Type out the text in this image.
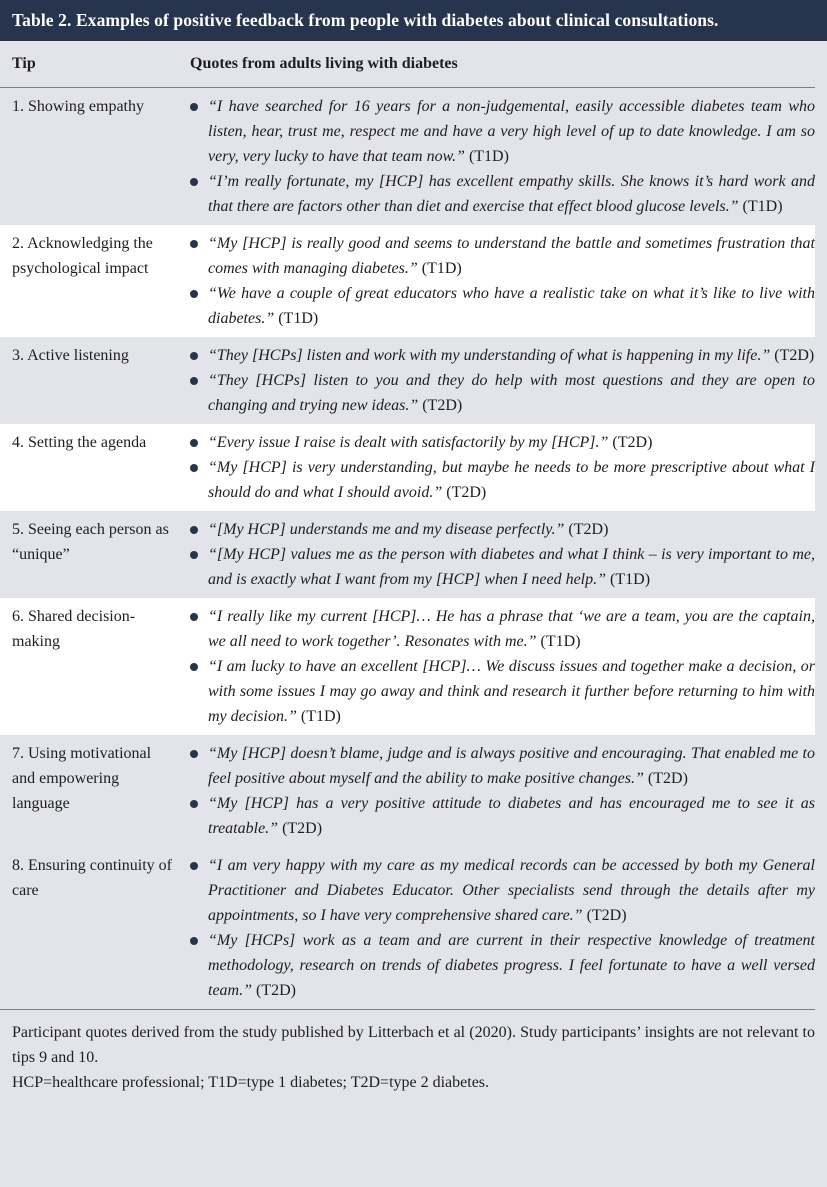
Table 2. Examples of positive feedback from people with diabetes about clinical consultations.
Tip	Quotes from adults living with diabetes
1. Showing empathy	“I have searched for 16 years for a non-judgemental, easily accessible diabetes team who listen, hear, trust me, respect me and have a very high level of up to date knowledge. I am so very, very lucky to have that team now.” (T1D)
“I’m really fortunate, my [HCP] has excellent empathy skills. She knows it’s hard work and that there are factors other than diet and exercise that effect blood glucose levels.” (T1D)
2. Acknowledging the psychological impact
“My [HCP] is really good and seems to understand the battle and sometimes frustration that comes with managing diabetes.” (T1D)
“We have a couple of great educators who have a realistic take on what it’s like to live with diabetes.” (T1D)
3. Active listening	“They [HCPs] listen and work with my understanding of what is happening in my life.” (T2D)
“They [HCPs] listen to you and they do help with most questions and they are open to changing and trying new ideas.” (T2D)
4. Setting the agenda	“Every issue I raise is dealt with satisfactorily by my [HCP].” (T2D)
“My [HCP] is very understanding, but maybe he needs to be more prescriptive about what I should do and what I should avoid.” (T2D)
5. Seeing each person as “unique”
“[My HCP] understands me and my disease perfectly.” (T2D)
“[My HCP] values me as the person with diabetes and what I think – is very important to me, and is exactly what I want from my [HCP] when I need help.” (T1D)
6. Shared decision-making
“I really like my current [HCP]… He has a phrase that ‘we are a team, you are the captain, we all need to work together’. Resonates with me.” (T1D)
“I am lucky to have an excellent [HCP]… We discuss issues and together make a decision, or with some issues I may go away and think and research it further before returning to him with my decision.” (T1D)
7. Using motivational and empowering language
“My [HCP] doesn’t blame, judge and is always positive and encouraging. That enabled me to feel positive about myself and the ability to make positive changes.” (T2D)
“My [HCP] has a very positive attitude to diabetes and has encouraged me to see it as treatable.” (T2D)
8. Ensuring continuity of care
“I am very happy with my care as my medical records can be accessed by both my General Practitioner and Diabetes Educator. Other specialists send through the details after my appointments, so I have very comprehensive shared care.” (T2D)
“My [HCPs] work as a team and are current in their respective knowledge of treatment methodology, research on trends of diabetes progress. I feel fortunate to have a well versed team.” (T2D)

Participant quotes derived from the study published by Litterbach et al (2020). Study participants’ insights are not relevant to tips 9 and 10.

HCP=healthcare professional; T1D=type 1 diabetes; T2D=type 2 diabetes.
